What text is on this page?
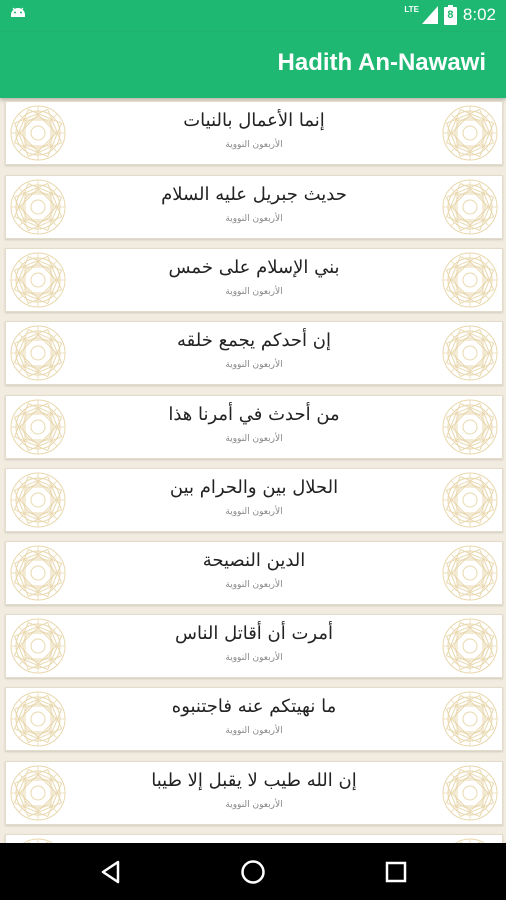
LTE	8 8:02
Hadith An-Nawawi
إنما الأعمال بالنيات
الأربعون النووية
حديث جبريل عليه السلام
الأربعون النووية
بني الإسلام على خمس
الأربعون النووية
إن أحدكم يجمع خلقه
الأربعون النووية
من أحدث في أمرنا هذا
الأربعون النووية
الحلال بين والحرام بين
الأربعون النووية
الدين النصيحة
الأربعون النووية
أمرت أن أقاتل الناس
الأربعون النووية
ما نهيتكم عنه فاجتنبوه
الأربعون النووية
إن الله طيب لا يقبل إلا طيبا
الأربعون النووية
